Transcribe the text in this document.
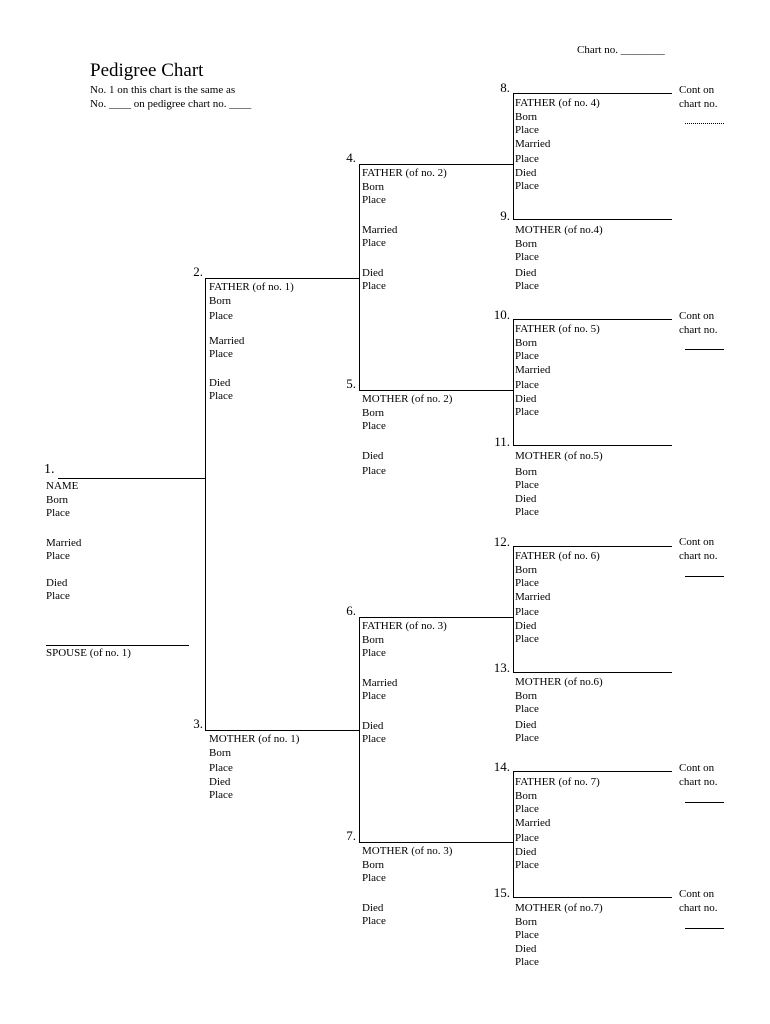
Chart no. ________
Pedigree Chart
No. 1 on this chart is the same as
No. ____ on pedigree chart no. ____
1.
NAME
Born
Place
Married
Place
Died
Place
SPOUSE (of no. 1)
2.
FATHER (of no. 1)
Born
Place
Married
Place
Died
Place
3.
MOTHER (of no. 1)
Born
Place
Died
Place
4.
FATHER (of no. 2)
Born
Place
Married
Place
Died
Place
5.
MOTHER (of no. 2)
Born
Place
Died
Place
6.
FATHER (of no. 3)
Born
Place
Married
Place
Died
Place
7.
MOTHER (of no. 3)
Born
Place
Died
Place
8.
FATHER (of no. 4)
Born
Place
Married
Place
Died
Place
Cont on
chart no.
9.
MOTHER (of no.4)
Born
Place
Died
Place
10.
FATHER (of no. 5)
Born
Place
Married
Place
Died
Place
Cont on
chart no.
11.
MOTHER (of no.5)
Born
Place
Died
Place
12.
FATHER (of no. 6)
Born
Place
Married
Place
Died
Place
Cont on
chart no.
13.
MOTHER (of no.6)
Born
Place
Died
Place
14.
FATHER (of no. 7)
Born
Place
Married
Place
Died
Place
Cont on
chart no.
15.
MOTHER (of no.7)
Born
Place
Died
Place
Cont on
chart no.
